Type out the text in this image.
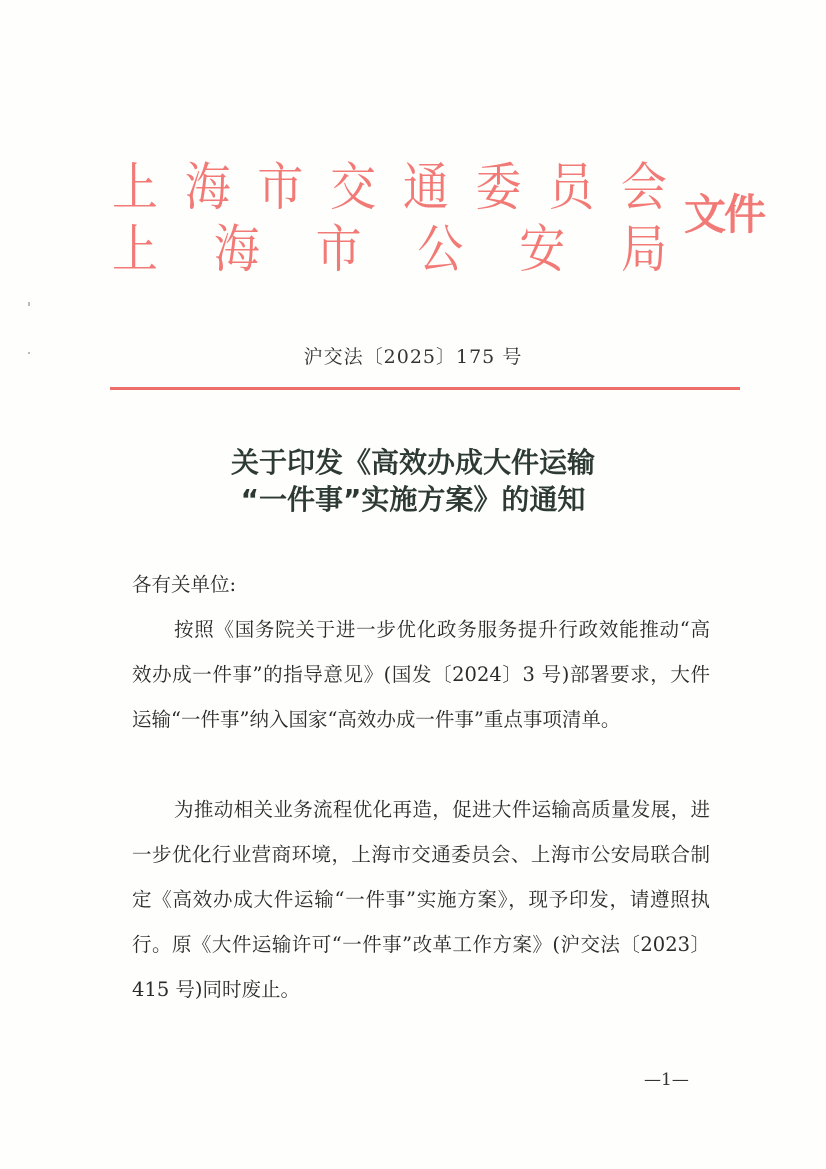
上 海 市 交 通 委 员 会
上 海 市 公 安 局
文件
沪交法〔2025〕175 号
关于印发《高效办成大件运输
“一件事”实施方案》的通知
各有关单位:
按照《国务院关于进一步优化政务服务提升行政效能推动“高效办成一件事”的指导意见》(国发〔2024〕3 号)部署要求，大件运输“一件事”纳入国家“高效办成一件事”重点事项清单。
为推动相关业务流程优化再造，促进大件运输高质量发展，进一步优化行业营商环境，上海市交通委员会、上海市公安局联合制定《高效办成大件运输“一件事”实施方案》，现予印发，请遵照执行。原《大件运输许可“一件事”改革工作方案》(沪交法〔2023〕415 号)同时废止。
—1—
